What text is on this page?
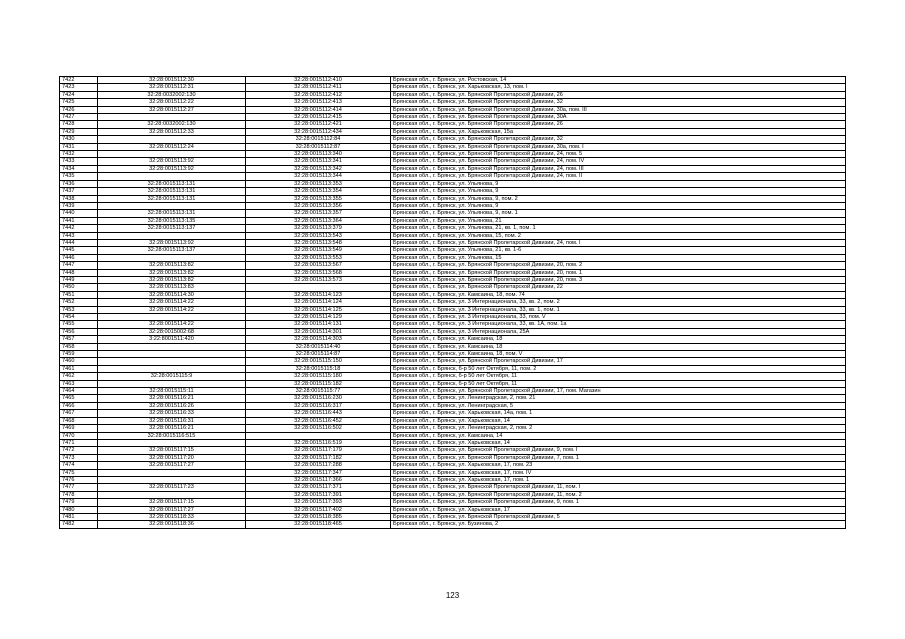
7422	32:28:0015112:30	32:28:0015112:410	Брянская обл., г. Брянск, ул. Ростовская, 14
7423	32:28:0015112:31	32:28:0015112:411	Брянская обл., г. Брянск, ул. Харьковская, 13, пом. I
7424	32:28:0032002:130	32:28:0015112:412	Брянская обл., г. Брянск, ул. Брянской Пролетарской Дивизии, 26
7425	32:28:0015112:22	32:28:0015112:413	Брянская обл., г. Брянск, ул. Брянской Пролетарской Дивизии, 32
7426	32:28:0015112:27	32:28:0015112:414	Брянская обл., г. Брянск, ул. Брянской Пролетарской Дивизии, 30а, пом. III
7427		32:28:0015112:415	Брянская обл., г. Брянск, ул. Брянской Пролетарской Дивизии, 30А
7428	32:28:0032002:130	32:28:0015112:421	Брянская обл., г. Брянск, ул. Брянской Пролетарской Дивизии, 26
7429	32:28:0015112:33	32:28:0015112:434	Брянская обл., г. Брянск, ул. Харьковская, 15а
7430		32:28:0015112:84	Брянская обл., г. Брянск, ул. Брянской Пролетарской Дивизии, 32
7431	32:28:0015112:24	32:28:0015112:87	Брянская обл., г. Брянск, ул. Брянской Пролетарской Дивизии, 30а, пом. I
7432		32:28:0015113:340	Брянская обл., г. Брянск, ул. Брянской Пролетарской Дивизии, 24, пом. 5
7433	32:28:0015113:92	32:28:0015113:341	Брянская обл., г. Брянск, ул. Брянской Пролетарской Дивизии, 24, пом. IV
7434	32:28:0015113:92	32:28:0015113:342	Брянская обл., г. Брянск, ул. Брянской Пролетарской Дивизии, 24, пом. III
7435		32:28:0015113:344	Брянская обл., г. Брянск, ул. Брянской Пролетарской Дивизии, 24, пом. II
7436	32:28:0015113:131	32:28:0015113:353	Брянская обл., г. Брянск, ул. Ульянова, 9
7437	32:28:0015113:131	32:28:0015113:354	Брянская обл., г. Брянск, ул. Ульянова, 9
7438	32:28:0015113:131	32:28:0015113:355	Брянская обл., г. Брянск, ул. Ульянова, 9, пом. 2
7439		32:28:0015113:356	Брянская обл., г. Брянск, ул. Ульянова, 9
7440	32:28:0015113:131	32:28:0015113:357	Брянская обл., г. Брянск, ул. Ульянова, 9, пом. 1
7441	32:28:0015113:135	32:28:0015113:364	Брянская обл., г. Брянск, ул. Ульянова, 21
7442	32:28:0015113:137	32:28:0015113:379	Брянская обл., г. Брянск, ул. Ульянова, 21, кв. 1, пом. 1
7443		32:28:0015113:543	Брянская обл., г. Брянск, ул. Ульянова, 15, пом. 2
7444	32:28:0015113:92	32:28:0015113:548	Брянская обл., г. Брянск, ул. Брянской Пролетарской Дивизии, 24, пом. I
7445	32:28:0015113:137	32:28:0015113:549	Брянская обл., г. Брянск, ул. Ульянова, 21, кв. 1-6
7446		32:28:0015113:553	Брянская обл., г. Брянск, ул. Ульянова, 15
7447	32:28:0015113:82	32:28:0015113:567	Брянская обл., г. Брянск, ул. Брянской Пролетарской Дивизии, 20, пом. 2
7448	32:28:0015113:82	32:28:0015113:568	Брянская обл., г. Брянск, ул. Брянской Пролетарской Дивизии, 20, пом. 1
7449	32:28:0015113:82	32:28:0015113:573	Брянская обл., г. Брянск, ул. Брянской Пролетарской Дивизии, 20, пом. 3
7450	32:28:0015113:83		Брянская обл., г. Брянск, ул. Брянской Пролетарской Дивизии, 22
7451	32:28:0015114:30	32:28:0015114:123	Брянская обл., г. Брянск, ул. Камсаина, 18, пом. 74
7452	32:28:0015114:22	32:28:0015114:124	Брянская обл., г. Брянск, ул. 3 Интернационала, 33, кв. 2, пом. 2
7453	32:28:0015114:22	32:28:0015114:125	Брянская обл., г. Брянск, ул. 3 Интернационала, 33, кв. 1, пом. 1
7454		32:28:0015114:129	Брянская обл., г. Брянск, ул. 3 Интернационала, 33, пом. V
7455	32:28:0015114:22	32:28:0015114:131	Брянская обл., г. Брянск, ул. 3 Интернационала, 33, кв. 1А, пом. 1а
7456	32:28:0015002:68	32:28:0015114:301	Брянская обл., г. Брянск, ул. 3 Интернационала, 25А
7457	3:22:8001511:420	32:28:0015114:303	Брянская обл., г. Брянск, ул. Камсаина, 18
7458		32:28:0015114:40	Брянская обл., г. Брянск, ул. Камсаина, 18
7459		32:28:0015114:87	Брянская обл., г. Брянск, ул. Камсаина, 18, пом. V
7460		32:28:0015115:150	Брянская обл., г. Брянск, ул. Брянской Пролетарской Дивизии, 17
7461		32:28:0015115:18	Брянская обл., г. Брянск, б-р 50 лет Октября, 11, пом. 2
7462	32:28:0015115:9	32:28:0015115:180	Брянская обл., г. Брянск, б-р 50 лет Октября, 11
7463		32:28:0015115:182	Брянская обл., г. Брянск, б-р 50 лет Октября, 11
7464	32:28:0015115:11	32:28:0015115:77	Брянская обл., г. Брянск, ул. Брянской Пролетарской Дивизии, 17, пом. Магазин
7465	32:28:0015116:21	32:28:0015116:230	Брянская обл., г. Брянск, ул. Ленинградская, 2, пом. 21
7466	32:28:0015116:26	32:28:0015116:317	Брянская обл., г. Брянск, ул. Ленинградская, 5
7467	32:28:0015116:33	32:28:0015116:443	Брянская обл., г. Брянск, ул. Харьковская, 14а, пом. 1
7468	32:28:0015116:31	32:28:0015116:452	Брянская обл., г. Брянск, ул. Харьковская, 14
7469	32:28:0015116:21	32:28:0015116:502	Брянская обл., г. Брянск, ул. Ленинградская, 2, пом. 2
7470	32:28:0015116:515		Брянская обл., г. Брянск, ул. Камсаина, 14
7471		32:28:0015116:519	Брянская обл., г. Брянск, ул. Харьковская, 14
7472	32:28:0015117:15	32:28:0015117:179	Брянская обл., г. Брянск, ул. Брянской Пролетарской Дивизии, 9, пом. I
7473	32:28:0015117:20	32:28:0015117:182	Брянская обл., г. Брянск, ул. Брянской Пролетарской Дивизии, 7, пом. 1
7474	32:28:0015117:27	32:28:0015117:288	Брянская обл., г. Брянск, ул. Харьковская, 17, пом. 23
7475		32:28:0015117:347	Брянская обл., г. Брянск, ул. Харьковская, 17, пом. IV
7476		32:28:0015117:366	Брянская обл., г. Брянск, ул. Харьковская, 17, пом. 1
7477	32:28:0015117:23	32:28:0015117:371	Брянская обл., г. Брянск, ул. Брянской Пролетарской Дивизии, 11, пом. I
7478		32:28:0015117:391	Брянская обл., г. Брянск, ул. Брянской Пролетарской Дивизии, 11, пом. 2
7479	32:28:0015117:15	32:28:0015117:393	Брянская обл., г. Брянск, ул. Брянской Пролетарской Дивизии, 9, пом. 1
7480	32:28:0015117:27	32:28:0015117:402	Брянская обл., г. Брянск, ул. Харьковская, 17
7481	32:28:0015118:33	32:28:0015118:385	Брянская обл., г. Брянск, ул. Брянской Пролетарской Дивизии, 5
7482	32:28:0015118:36	32:28:0015118:465	Брянская обл., г. Брянск, ул. Бузинова, 2
123
